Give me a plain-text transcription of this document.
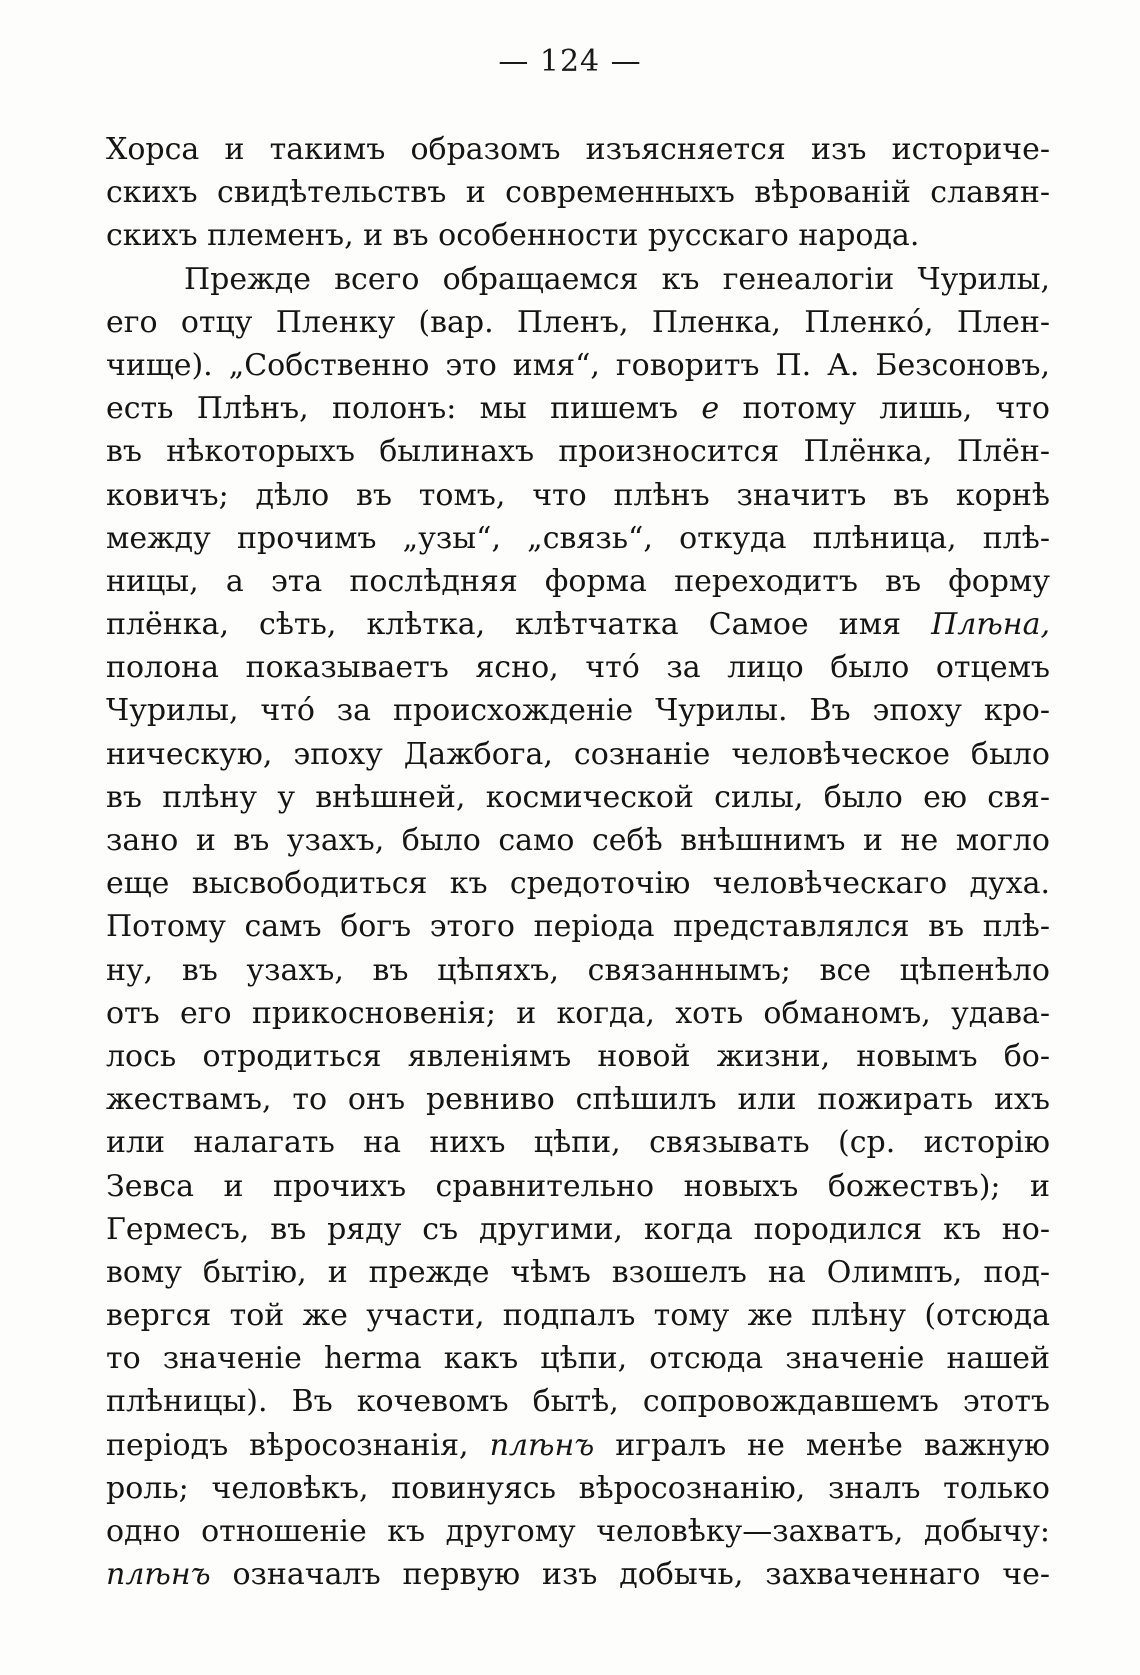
— 124 —
Хорса и такимъ образомъ изъясняется изъ историче-
скихъ свидѣтельствъ и современныхъ вѣрованій славян-
скихъ племенъ, и въ особенности русскаго народа.
Прежде всего обращаемся къ генеалогіи Чурилы,
его отцу Пленку (вар. Пленъ, Пленка, Пленкó, Плен-
чище). „Собственно это имя“, говоритъ П. А. Безсоновъ,
есть Плѣнъ, полонъ: мы пишемъ е потому лишь, что
въ нѣкоторыхъ былинахъ произносится Плёнка, Плён-
ковичъ; дѣло въ томъ, что плѣнъ значитъ въ корнѣ
между прочимъ „узы“, „связь“, откуда плѣница, плѣ-
ницы, а эта послѣдняя форма переходитъ въ форму
плёнка, сѣть, клѣтка, клѣтчатка Самое имя Плѣна,
полона показываетъ ясно, чтó за лицо было отцемъ
Чурилы, чтó за происхожденіе Чурилы. Въ эпоху кро-
ническую, эпоху Дажбога, сознаніе человѣческое было
въ плѣну у внѣшней, космической силы, было ею свя-
зано и въ узахъ, было само себѣ внѣшнимъ и не могло
еще высвободиться къ средоточію человѣческаго духа.
Потому самъ богъ этого періода представлялся въ плѣ-
ну, въ узахъ, въ цѣпяхъ, связаннымъ; все цѣпенѣло
отъ его прикосновенія; и когда, хоть обманомъ, удава-
лось отродиться явленіямъ новой жизни, новымъ бо-
жествамъ, то онъ ревниво спѣшилъ или пожирать ихъ
или налагать на нихъ цѣпи, связывать (ср. исторію
Зевса и прочихъ сравнительно новыхъ божествъ); и
Гермесъ, въ ряду съ другими, когда породился къ но-
вому бытію, и прежде чѣмъ взошелъ на Олимпъ, под-
вергся той же участи, подпалъ тому же плѣну (отсюда
то значеніе herma какъ цѣпи, отсюда значеніе нашей
плѣницы). Въ кочевомъ бытѣ, сопровождавшемъ этотъ
періодъ вѣросознанія, плѣнъ игралъ не менѣе важную
роль; человѣкъ, повинуясь вѣросознанію, зналъ только
одно отношеніе къ другому человѣку—захватъ, добычу:
плѣнъ означалъ первую изъ добычь, захваченнаго че-
